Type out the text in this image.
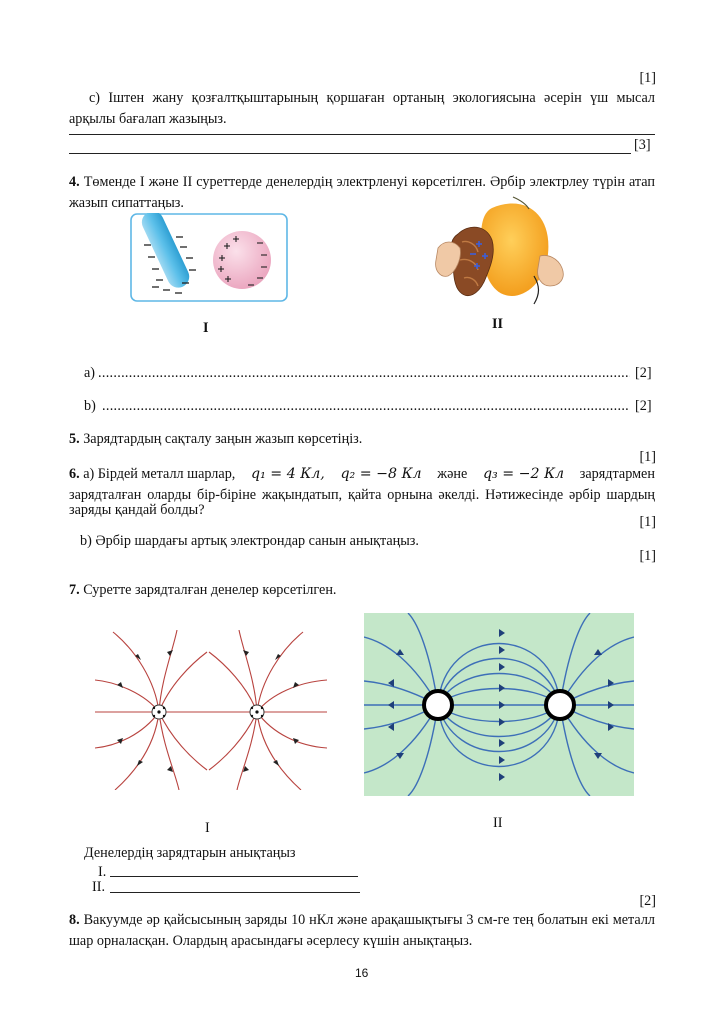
[1]
c) Іштен жану қозғалтқыштарының қоршаған ортаның экологиясына әсерін үш мысал арқылы бағалап жазыңыз.
[3]
4. Төменде І және ІІ суреттерде денелердің электрленуі көрсетілген. Әрбір электрлеу түрін атап жазып сипаттаңыз.
І	ІІ
a) .....	[2]
b) .....	[2]
5. Зарядтардың сақталу заңын жазып көрсетіңіз.
[1]
6. а) Бірдей металл шарлар, q₁ = 4 Кл, q₂ = −8 Кл және q₃ = −2 Кл зарядтармен
зарядталған оларды бір-біріне жақындатып, қайта орнына әкелді. Нәтижесінде әрбір шардың
заряды қандай болды?
[1]
b) Әрбір шардағы артық электрондар санын анықтаңыз.
[1]
7. Суретте зарядталған денелер көрсетілген.
І	ІІ
Денелердің зарядтарын анықтаңыз
І.
ІІ.
[2]
8. Вакуумде әр қайсысының заряды 10 нКл және арақашықтығы 3 см-ге тең болатын екі металл шар орналасқан. Олардың арасындағы әсерлесу күшін анықтаңыз.
16
